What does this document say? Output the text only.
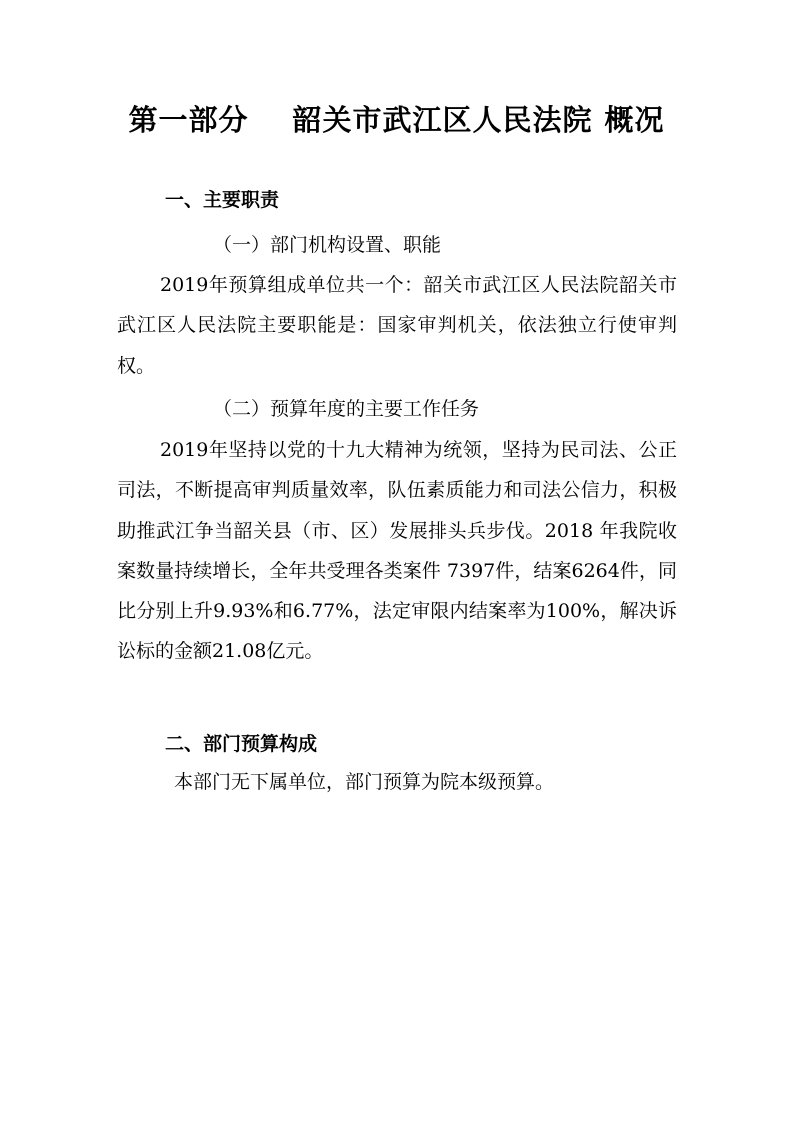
第一部分 韶关市武江区人民法院 概况
一、主要职责
（一）部门机构设置、职能

2019年预算组成单位共一个：韶关市武江区人民法院韶关市武江区人民法院主要职能是：国家审判机关，依法独立行使审判权。

（二）预算年度的主要工作任务

2019年坚持以党的十九大精神为统领，坚持为民司法、公正司法，不断提高审判质量效率，队伍素质能力和司法公信力，积极助推武江争当韶关县（市、区）发展排头兵步伐。2018 年我院收案数量持续增长，全年共受理各类案件 7397件，结案6264件，同比分别上升9.93%和6.77%，法定审限内结案率为100%，解决诉讼标的金额21.08亿元。

二、部门预算构成
本部门无下属单位，部门预算为院本级预算。
